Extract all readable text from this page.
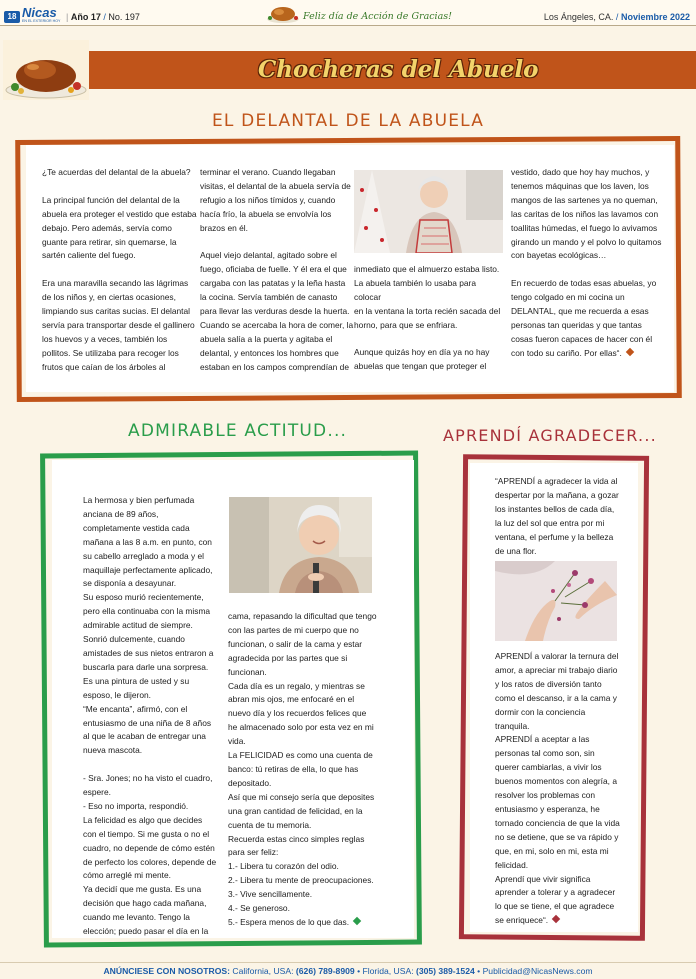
18 Nicas
EN EL EXTERIOR HOY | Año 17 / No. 197	Feliz día de Acción de Gracias!	Los Ángeles, CA. / Noviembre 2022
Chocheras del Abuelo
EL DELANTAL DE LA ABUELA

¿Te acuerdas del delantal de la abuela?

La principal función del delantal de la

abuela era proteger el vestido que estaba

debajo. Pero además, servía como

guante para retirar, sin quemarse, la

sartén caliente del fuego.

Era una maravilla secando las lágrimas

de los niños y, en ciertas ocasiones,

limpiando sus caritas sucias. El delantal

servía para transportar desde el gallinero

los huevos y a veces, también los

pollitos. Se utilizaba para recoger los

frutos que caían de los árboles al

terminar el verano. Cuando llegaban

visitas, el delantal de la abuela servía de

refugio a los niños tímidos y, cuando

hacía frío, la abuela se envolvía los

brazos en él.

Aquel viejo delantal, agitado sobre el

fuego, oficiaba de fuelle. Y él era el que

cargaba con las patatas y la leña hasta

la cocina. Servía también de canasto

para llevar las verduras desde la huerta.

Cuando se acercaba la hora de comer, la

abuela salía a la puerta y agitaba el

delantal, y entonces los hombres que

estaban en los campos comprendían de

inmediato que el almuerzo estaba listo.

La abuela también lo usaba para colocar

en la ventana la torta recién sacada del

horno, para que se enfriara.

Aunque quizás hoy en día ya no hay

abuelas que tengan que proteger el

vestido, dado que hoy hay muchos, y

tenemos máquinas que los laven, los

mangos de las sartenes ya no queman,

las caritas de los niños las lavamos con

toallitas húmedas, el fuego lo avivamos

girando un mando y el polvo lo quitamos

con bayetas ecológicas…

En recuerdo de todas esas abuelas, yo

tengo colgado en mi cocina un

DELANTAL, que me recuerda a esas

personas tan queridas y que tantas

cosas fueron capaces de hacer con él

con todo su cariño. Por ellas“.

ADMIRABLE ACTITUD...

La hermosa y bien perfumada

anciana de 89 años,

completamente vestida cada

mañana a las 8 a.m. en punto, con

su cabello arreglado a moda y el

maquillaje perfectamente aplicado,

se disponía a desayunar.

Su esposo murió recientemente,

pero ella continuaba con la misma

admirable actitud de siempre.

Sonrió dulcemente, cuando

amistades de sus nietos entraron a

buscarla para darle una sorpresa.

Es una pintura de usted y su

esposo, le dijeron.

“Me encanta”, afirmó, con el

entusiasmo de una niña de 8 años

al que le acaban de entregar una

nueva mascota.

- Sra. Jones; no ha visto el cuadro,

espere.

- Eso no importa, respondió.

La felicidad es algo que decides

con el tiempo. Si me gusta o no el

cuadro, no depende de cómo estén

de perfecto los colores, depende de

cómo arreglé mi mente.

Ya decidí que me gusta. Es una

decisión que hago cada mañana,

cuando me levanto. Tengo la

elección; puedo pasar el día en la

cama, repasando la dificultad que tengo

con las partes de mi cuerpo que no

funcionan, o salir de la cama y estar

agradecida por las partes que si

funcionan.

Cada día es un regalo, y mientras se

abran mis ojos, me enfocaré en el

nuevo día y los recuerdos felices que

he almacenado solo por esta vez en mi

vida.

La FELICIDAD es como una cuenta de

banco: tú retiras de ella, lo que has

depositado.

Así que mi consejo sería que deposites

una gran cantidad de felicidad, en la

cuenta de tu memoria.

Recuerda estas cinco simples reglas

para ser feliz:

1.- Libera tu corazón del odio.

2.- Libera tu mente de preocupaciones.

3.- Vive sencillamente.

4.- Se generoso.

5.- Espera menos de lo que das.

APRENDÍ AGRADECER...

“APRENDÍ a agradecer la vida al

despertar por la mañana, a gozar

los instantes bellos de cada día,

la luz del sol que entra por mi

ventana, el perfume y la belleza

de una flor.

APRENDÍ a valorar la ternura del

amor, a apreciar mi trabajo diario

y los ratos de diversión tanto

como el descanso, ir a la cama y

dormir con la conciencia

tranquila.

APRENDÍ a aceptar a las

personas tal como son, sin

querer cambiarlas, a vivir los

buenos momentos con alegría, a

resolver los problemas con

entusiasmo y esperanza, he

tornado conciencia de que la vida

no se detiene, que se va rápido y

que, en mi, solo en mi, esta mi

felicidad.

Aprendí que vivir significa

aprender a tolerar y a agradecer

lo que se tiene, el que agradece

se enriquece“.

ANÚNCIESE CON NOSOTROS: California, USA: (626) 789-8909 • Florida, USA: (305) 389-1524 • Publicidad@NicasNews.com
